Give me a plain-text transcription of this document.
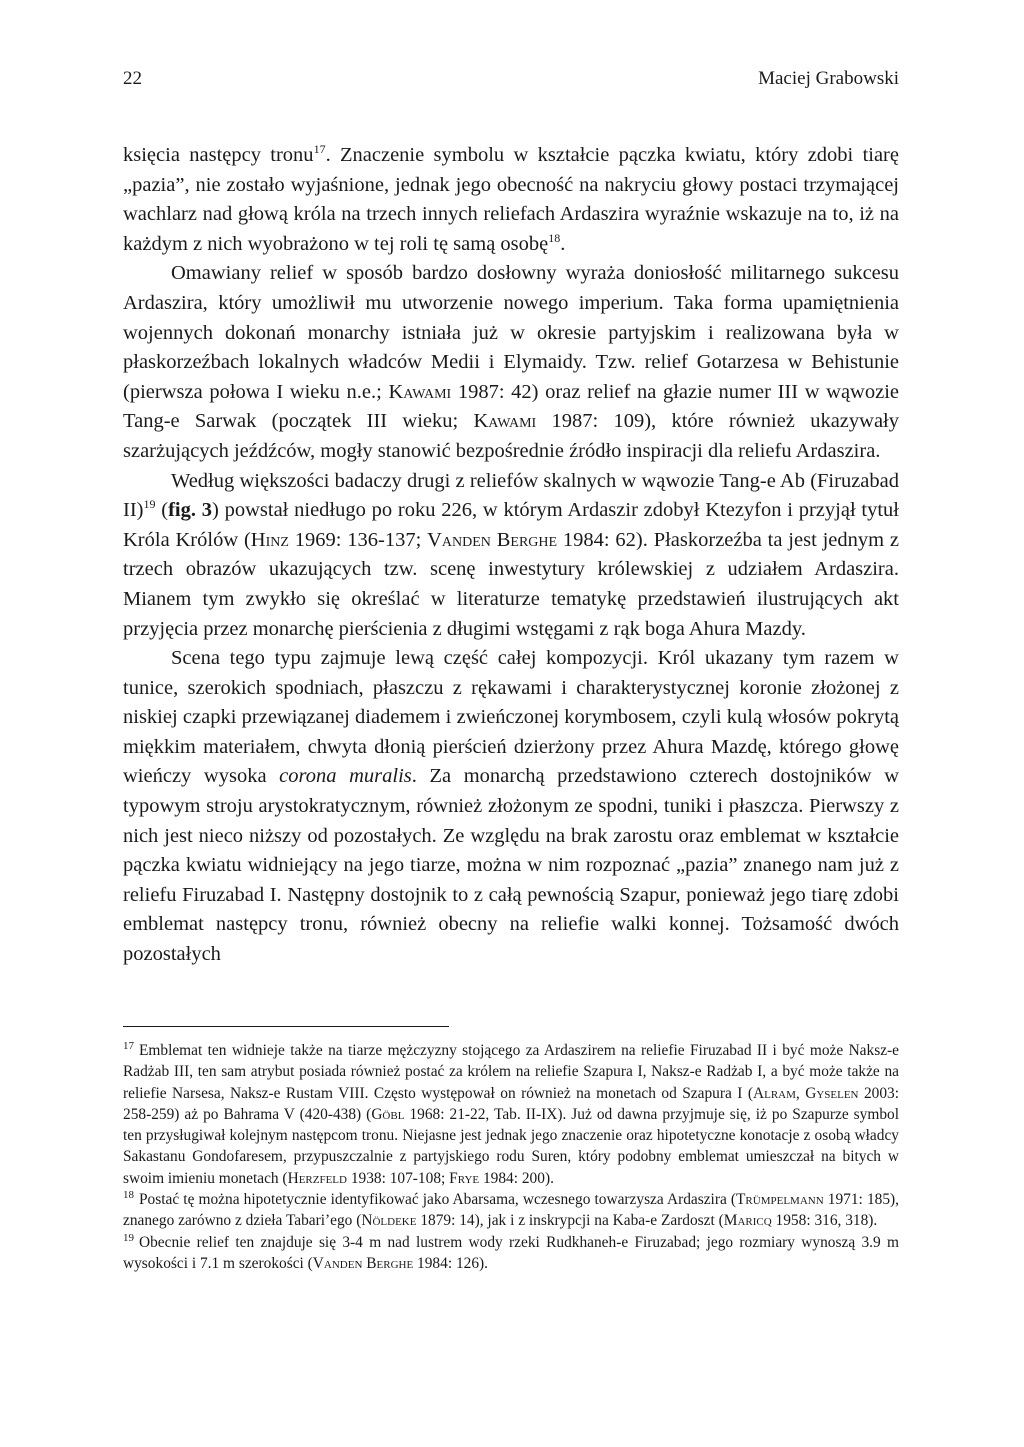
22	Maciej Grabowski

księcia następcy tronu$^{17}$. Znaczenie symbolu w kształcie pączka kwiatu, który zdobi tiarę „pazia”, nie zostało wyjaśnione, jednak jego obecność na nakryciu głowy postaci trzymającej wachlarz nad głową króla na trzech innych reliefach Ardaszira wyraźnie wskazuje na to, iż na każdym z nich wyobrażono w tej roli tę samą osobę$^{18}$.

Omawiany relief w sposób bardzo dosłowny wyraża doniosłość militarnego sukcesu Ardaszira, który umożliwił mu utworzenie nowego imperium. Taka forma upamiętnienia wojennych dokonań monarchy istniała już w okresie partyjskim i realizowana była w płaskorzeźbach lokalnych władców Medii i Elymaidy. Tzw. relief Gotarzesa w Behistunie (pierwsza połowa I wieku n.e.; Kawami 1987: 42) oraz relief na głazie numer III w wąwozie Tang-e Sarwak (początek III wieku; Kawami 1987: 109), które również ukazywały szarżujących jeźdźców, mogły stanowić bezpośrednie źródło inspiracji dla reliefu Ardaszira.

Według większości badaczy drugi z reliefów skalnych w wąwozie Tang-e Ab (Firuzabad II)$^{19}$ (fig. 3) powstał niedługo po roku 226, w którym Ardaszir zdobył Ktezyfon i przyjął tytuł Króla Królów (Hinz 1969: 136-137; Vanden Berghe 1984: 62). Płaskorzeźba ta jest jednym z trzech obrazów ukazujących tzw. scenę inwestytury królewskiej z udziałem Ardaszira. Mianem tym zwykło się określać w literaturze tematykę przedstawień ilustrujących akt przyjęcia przez monarchę pierścienia z długimi wstęgami z rąk boga Ahura Mazdy.

Scena tego typu zajmuje lewą część całej kompozycji. Król ukazany tym razem w tunice, szerokich spodniach, płaszczu z rękawami i charakterystycznej koronie złożonej z niskiej czapki przewiązanej diademem i zwieńczonej korymbosem, czyli kulą włosów pokrytą miękkim materiałem, chwyta dłonią pierścień dzierżony przez Ahura Mazdę, którego głowę wieńczy wysoka corona muralis. Za monarchą przedstawiono czterech dostojników w typowym stroju arystokratycznym, również złożonym ze spodni, tuniki i płaszcza. Pierwszy z nich jest nieco niższy od pozostałych. Ze względu na brak zarostu oraz emblemat w kształcie pączka kwiatu widniejący na jego tiarze, można w nim rozpoznać „pazia” znanego nam już z reliefu Firuzabad I. Następny dostojnik to z całą pewnością Szapur, ponieważ jego tiarę zdobi emblemat następcy tronu, również obecny na reliefie walki konnej. Tożsamość dwóch pozostałych

$^{17}$ Emblemat ten widnieje także na tiarze mężczyzny stojącego za Ardaszirem na reliefie Firuzabad II i być może Naksz-e Radżab III, ten sam atrybut posiada również postać za królem na reliefie Szapura I, Naksz-e Radżab I, a być może także na reliefie Narsesa, Naksz-e Rustam VIII. Często występował on również na monetach od Szapura I (Alram, Gyselen 2003: 258-259) aż po Bahrama V (420-438) (Göbl 1968: 21-22, Tab. II-IX). Już od dawna przyjmuje się, iż po Szapurze symbol ten przysługiwał kolejnym następcom tronu. Niejasne jest jednak jego znaczenie oraz hipotetyczne konotacje z osobą władcy Sakastanu Gondofaresem, przypuszczalnie z partyjskiego rodu Suren, który podobny emblemat umieszczał na bitych w swoim imieniu monetach (Herzfeld 1938: 107-108; Frye 1984: 200).

$^{18}$ Postać tę można hipotetycznie identyfikować jako Abarsama, wczesnego towarzysza Ardaszira (Trümpelmann 1971: 185), znanego zarówno z dzieła Tabari’ego (Nöldeke 1879: 14), jak i z inskrypcji na Kaba-e Zardoszt (Maricq 1958: 316, 318).

$^{19}$ Obecnie relief ten znajduje się 3-4 m nad lustrem wody rzeki Rudkhaneh-e Firuzabad; jego rozmiary wynoszą 3.9 m wysokości i 7.1 m szerokości (Vanden Berghe 1984: 126).
